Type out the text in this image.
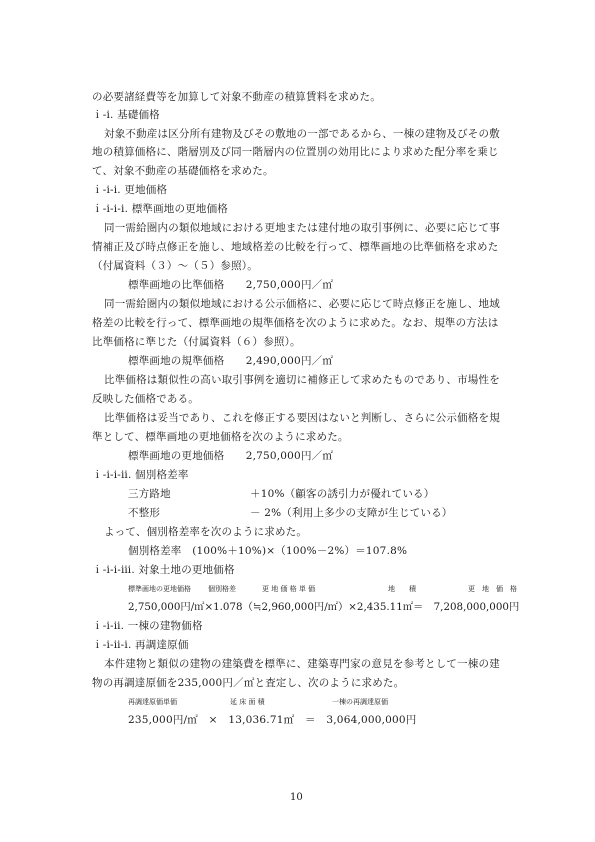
の必要諸経費等を加算して対象不動産の積算賃料を求めた。
ｉ-ⅰ. 基礎価格
対象不動産は区分所有建物及びその敷地の一部であるから、一棟の建物及びその敷
地の積算価格に、階層別及び同一階層内の位置別の効用比により求めた配分率を乗じ
て、対象不動産の基礎価格を求めた。
ｉ-ⅰ-ⅰ. 更地価格
ｉ-ⅰ-ⅰ-ⅰ. 標準画地の更地価格
同一需給圏内の類似地域における更地または建付地の取引事例に、必要に応じて事
情補正及び時点修正を施し、地域格差の比較を行って、標準画地の比準価格を求めた
（付属資料（３）～（５）参照）。
標準画地の比準価格　　2,750,000円／㎡
同一需給圏内の類似地域における公示価格に、必要に応じて時点修正を施し、地域
格差の比較を行って、標準画地の規準価格を次のように求めた。なお、規準の方法は
比準価格に準じた（付属資料（６）参照）。
標準画地の規準価格　　2,490,000円／㎡
比準価格は類似性の高い取引事例を適切に補修正して求めたものであり、市場性を
反映した価格である。
比準価格は妥当であり、これを修正する要因はないと判断し、さらに公示価格を規
準として、標準画地の更地価格を次のように求めた。
標準画地の更地価格　　2,750,000円／㎡
ｉ-ⅰ-ⅰ-ⅱ. 個別格差率
三方路地	＋10%（顧客の誘引力が優れている）
不整形	－ 2%（利用上多少の支障が生じている）
よって、個別格差率を次のように求めた。
個別格差率　(100%＋10%)×（100%－2%）＝107.8%
ｉ-ⅰ-ⅰ-ⅲ. 対象土地の更地価格
標準画地の更地価格 個別格差	更 地 価 格 単 価	地　　積	更　地　価　格
2,750,000円/㎡×1.078（≒2,960,000円/㎡）×2,435.11㎡＝　7,208,000,000円
ｉ-ⅰ-ⅱ. 一棟の建物価格
ｉ-ⅰ-ⅱ-ⅰ. 再調達原価
本件建物と類似の建物の建築費を標準に、建築専門家の意見を参考として一棟の建
物の再調達原価を235,000円／㎡と査定し、次のように求めた。
再調達原価単価	延 床 面 積	一棟の再調達原価
235,000円/㎡　×　13,036.71㎡　＝　3,064,000,000円
10
